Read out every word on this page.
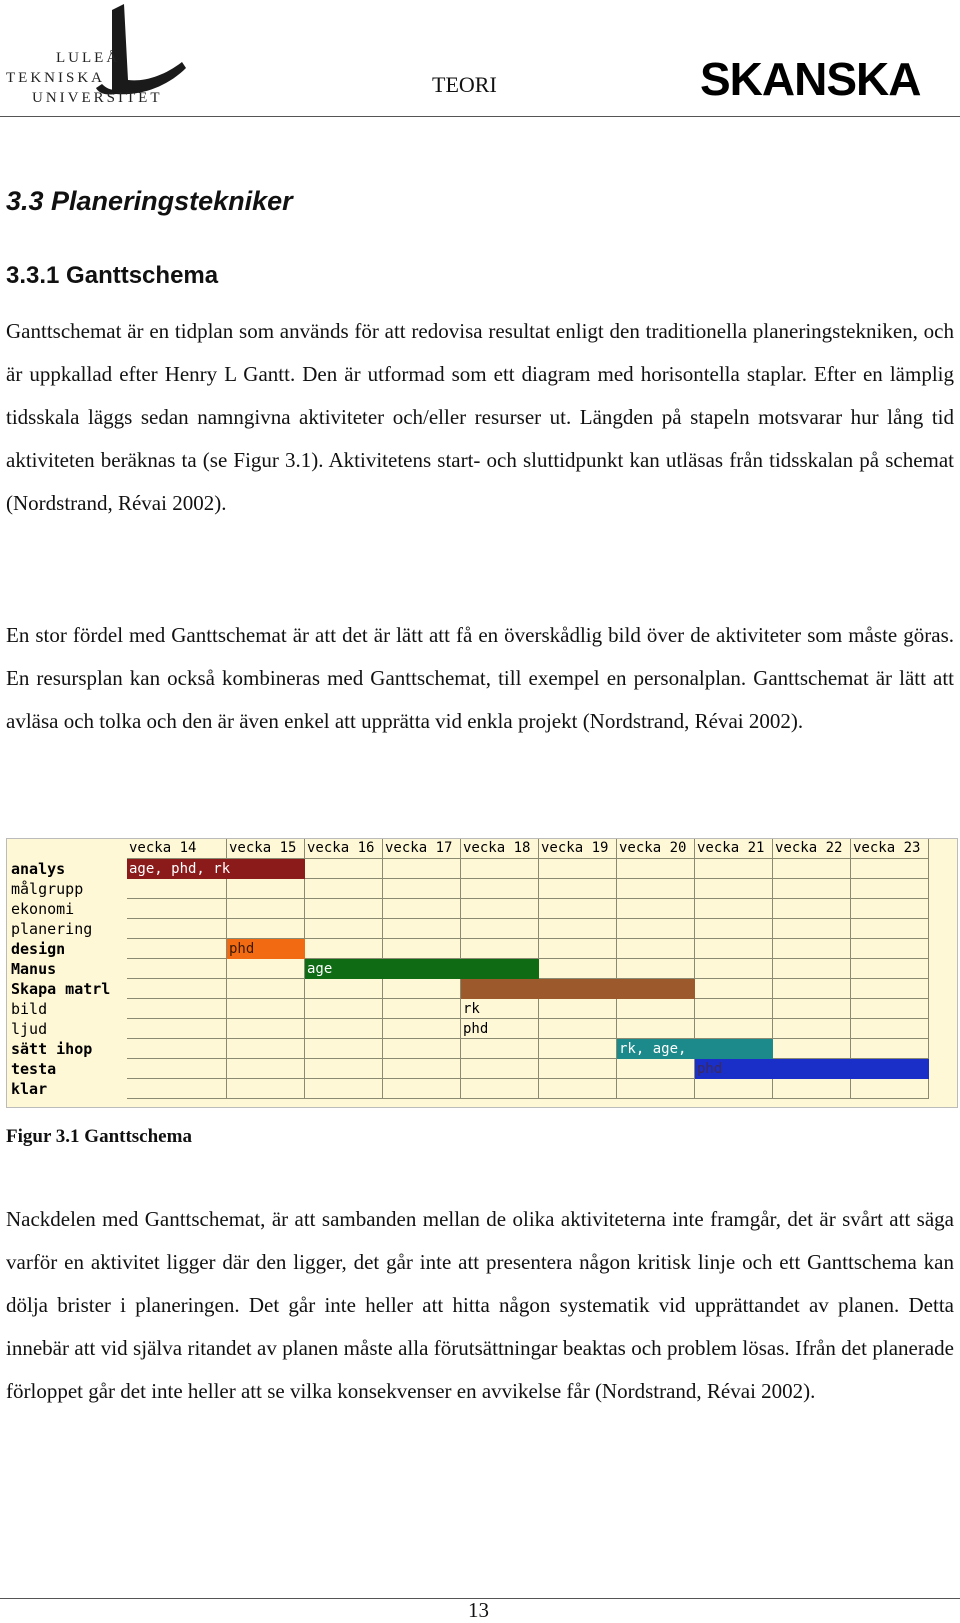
LULEÅ
TEKNISKA
UNIVERSITET
TEORI	SKANSKA
3.3 Planeringstekniker
3.3.1 Ganttschema
Ganttschemat är en tidplan som används för att redovisa resultat enligt den traditionella planeringstekniken, och är uppkallad efter Henry L Gantt. Den är utformad som ett diagram med horisontella staplar. Efter en lämplig tidsskala läggs sedan namngivna aktiviteter och/eller resurser ut. Längden på stapeln motsvarar hur lång tid aktiviteten beräknas ta (se Figur 3.1). Aktivitetens start- och sluttidpunkt kan utläsas från tidsskalan på schemat (Nordstrand, Révai 2002).
En stor fördel med Ganttschemat är att det är lätt att få en överskådlig bild över de aktiviteter som måste göras. En resursplan kan också kombineras med Ganttschemat, till exempel en personalplan. Ganttschemat är lätt att avläsa och tolka och den är även enkel att upprätta vid enkla projekt (Nordstrand, Révai 2002).
vecka 14 vecka 15 vecka 16 vecka 17 vecka 18 vecka 19 vecka 20 vecka 21 vecka 22 vecka 23
analys
målgrupp
ekonomi
planering
design
Manus
Skapa matrl
bild
ljud
sätt ihop
testa
klar
age, phd, rk
phd
age
rk
phd
rk, age,
phd
Figur 3.1 Ganttschema
Nackdelen med Ganttschemat, är att sambanden mellan de olika aktiviteterna inte framgår, det är svårt att säga varför en aktivitet ligger där den ligger, det går inte att presentera någon kritisk linje och ett Ganttschema kan dölja brister i planeringen. Det går inte heller att hitta någon systematik vid upprättandet av planen. Detta innebär att vid själva ritandet av planen måste alla förutsättningar beaktas och problem lösas. Ifrån det planerade förloppet går det inte heller att se vilka konsekvenser en avvikelse får (Nordstrand, Révai 2002).
13
